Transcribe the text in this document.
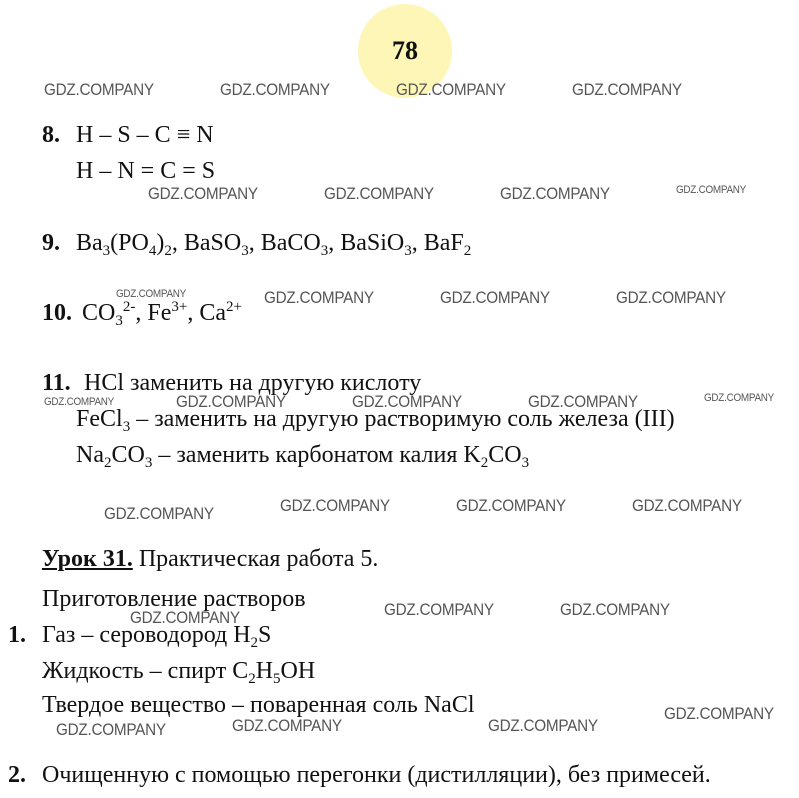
78
GDZ.COMPANY	GDZ.COMPANY	GDZ.COMPANY	GDZ.COMPANY
GDZ.COMPANY	GDZ.COMPANY	GDZ.COMPANY	GDZ.COMPANY
GDZ.COMPANY	GDZ.COMPANY	GDZ.COMPANY	GDZ.COMPANY
GDZ.COMPANY	GDZ.COMPANY	GDZ.COMPANY	GDZ.COMPANY	GDZ.COMPANY
GDZ.COMPANY	GDZ.COMPANY	GDZ.COMPANY	GDZ.COMPANY
GDZ.COMPANY	GDZ.COMPANY	GDZ.COMPANY
GDZ.COMPANY	GDZ.COMPANY	GDZ.COMPANY
GDZ.COMPANY
8. H – S – C ≡ N
H – N = C = S
9. $Ba_3(PO_4)_2$, BaSO$_3$, BaCO$_3$, BaSiO$_3$, BaF$_2$
10. $CO_3^{2-}$, $Fe^{3+}$, $Ca^{2+}$
11. HCl заменить на другую кислоту
FeCl$_3$ – заменить на другую растворимую соль железа (III)
$Na_2CO_3$ – заменить карбонатом калия $K_2CO_3$
Урок 31. Практическая работа 5.
Приготовление растворов
1. Газ – сероводород $H_2S$
Жидкость – спирт $C_2H_5OH$
Твердое вещество – поваренная соль NaCl
2. Очищенную с помощью перегонки (дистилляции), без примесей.
